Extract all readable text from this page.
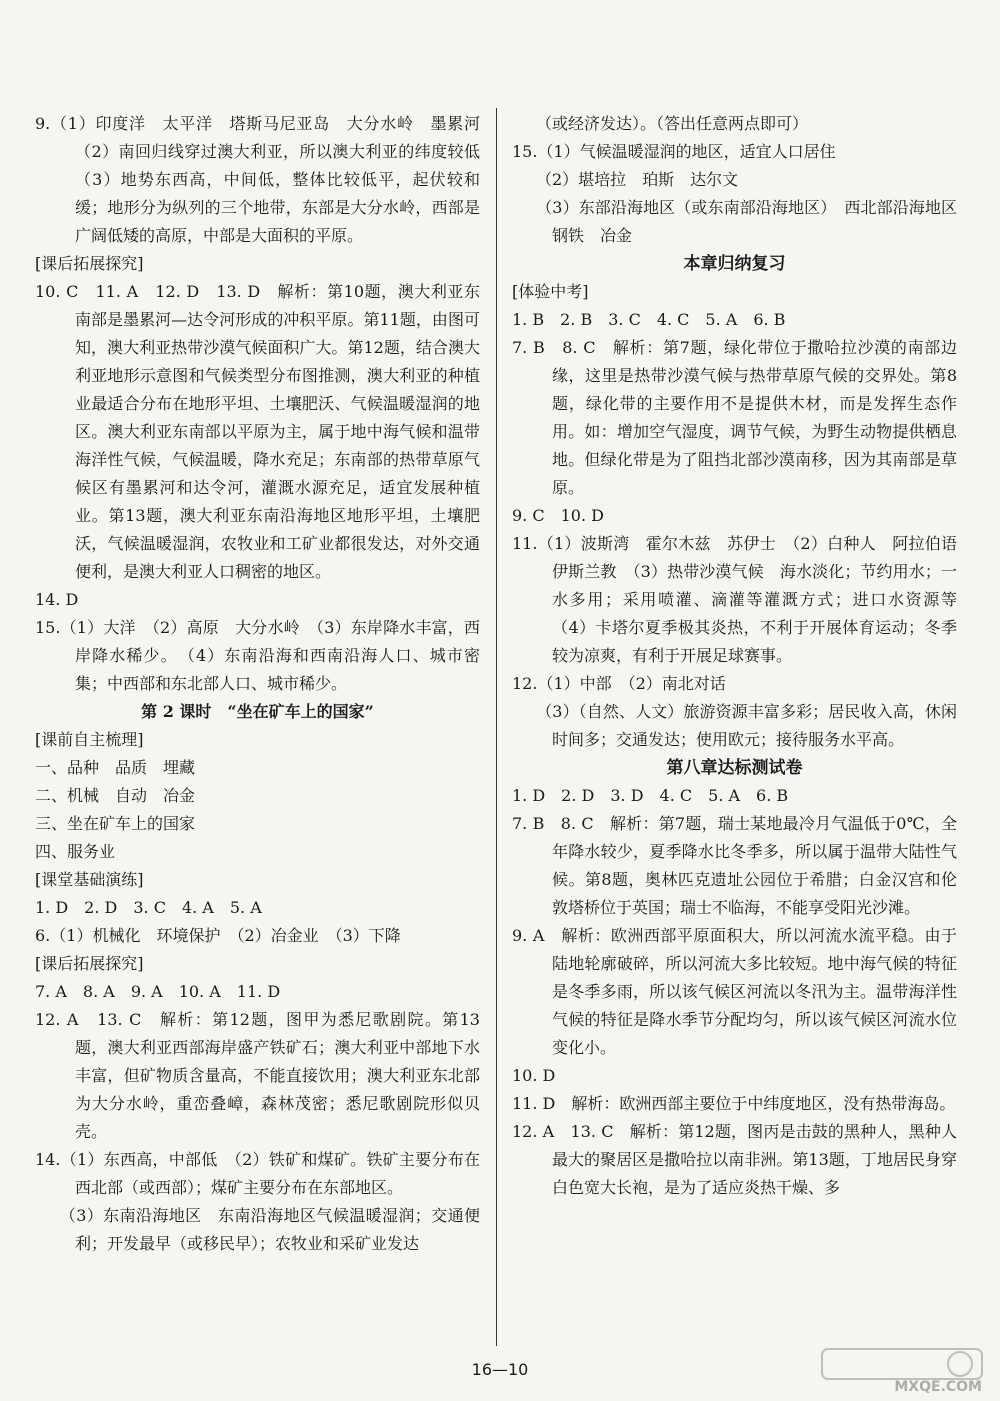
9.（1）印度洋　太平洋　塔斯马尼亚岛　大分水岭　墨累河　（2）南回归线穿过澳大利亚，所以澳大利亚的纬度较低　（3）地势东西高，中间低，整体比较低平，起伏较和缓；地形分为纵列的三个地带，东部是大分水岭，西部是广阔低矮的高原，中部是大面积的平原。
[课后拓展探究]
10. C　11. A　12. D　13. D　解析：第10题，澳大利亚东南部是墨累河—达令河形成的冲积平原。第11题，由图可知，澳大利亚热带沙漠气候面积广大。第12题，结合澳大利亚地形示意图和气候类型分布图推测，澳大利亚的种植业最适合分布在地形平坦、土壤肥沃、气候温暖湿润的地区。澳大利亚东南部以平原为主，属于地中海气候和温带海洋性气候，气候温暖，降水充足；东南部的热带草原气候区有墨累河和达令河，灌溉水源充足，适宜发展种植业。第13题，澳大利亚东南沿海地区地形平坦，土壤肥沃，气候温暖湿润，农牧业和工矿业都很发达，对外交通便利，是澳大利亚人口稠密的地区。
14. D
15.（1）大洋　（2）高原　大分水岭　（3）东岸降水丰富，西岸降水稀少。　（4）东南沿海和西南沿海人口、城市密集；中西部和东北部人口、城市稀少。
第 2 课时　“坐在矿车上的国家”
[课前自主梳理]
一、品种　品质　埋藏
二、机械　自动　冶金
三、坐在矿车上的国家
四、服务业
[课堂基础演练]
1. D　2. D　3. C　4. A　5. A
6.（1）机械化　环境保护　（2）冶金业　（3）下降
[课后拓展探究]
7. A　8. A　9. A　10. A　11. D
12. A　13. C　解析：第12题，图甲为悉尼歌剧院。第13题，澳大利亚西部海岸盛产铁矿石；澳大利亚中部地下水丰富，但矿物质含量高，不能直接饮用；澳大利亚东北部为大分水岭，重峦叠嶂，森林茂密；悉尼歌剧院形似贝壳。
14.（1）东西高，中部低　（2）铁矿和煤矿。铁矿主要分布在西北部（或西部）；煤矿主要分布在东部地区。
　　（3）东南沿海地区　东南沿海地区气候温暖湿润；交通便利；开发最早（或移民早）；农牧业和采矿业发达
　　（或经济发达）。（答出任意两点即可）
15.（1）气候温暖湿润的地区，适宜人口居住
　　（2）堪培拉　珀斯　达尔文
　　（3）东部沿海地区（或东南部沿海地区）　西北部沿海地区　钢铁　冶金
本章归纳复习
[体验中考]
1. B　2. B　3. C　4. C　5. A　6. B
7. B　8. C　解析：第7题，绿化带位于撒哈拉沙漠的南部边缘，这里是热带沙漠气候与热带草原气候的交界处。第8题，绿化带的主要作用不是提供木材，而是发挥生态作用。如：增加空气湿度，调节气候，为野生动物提供栖息地。但绿化带是为了阻挡北部沙漠南移，因为其南部是草原。
9. C　10. D
11.（1）波斯湾　霍尔木兹　苏伊士　（2）白种人　阿拉伯语　伊斯兰教　（3）热带沙漠气候　海水淡化；节约用水；一水多用；采用喷灌、滴灌等灌溉方式；进口水资源等　（4）卡塔尔夏季极其炎热，不利于开展体育运动；冬季较为凉爽，有利于开展足球赛事。
12.（1）中部　（2）南北对话
　　（3）（自然、人文）旅游资源丰富多彩；居民收入高，休闲时间多；交通发达；使用欧元；接待服务水平高。
第八章达标测试卷
1. D　2. D　3. D　4. C　5. A　6. B
7. B　8. C　解析：第7题，瑞士某地最冷月气温低于0℃，全年降水较少，夏季降水比冬季多，所以属于温带大陆性气候。第8题，奥林匹克遗址公园位于希腊；白金汉宫和伦敦塔桥位于英国；瑞士不临海，不能享受阳光沙滩。
9. A　解析：欧洲西部平原面积大，所以河流水流平稳。由于陆地轮廓破碎，所以河流大多比较短。地中海气候的特征是冬季多雨，所以该气候区河流以冬汛为主。温带海洋性气候的特征是降水季节分配均匀，所以该气候区河流水位变化小。
10. D
11. D　解析：欧洲西部主要位于中纬度地区，没有热带海岛。
12. A　13. C　解析：第12题，图丙是击鼓的黑种人，黑种人最大的聚居区是撒哈拉以南非洲。第13题，丁地居民身穿白色宽大长袍，是为了适应炎热干燥、多
16—10
MXQE.COM
